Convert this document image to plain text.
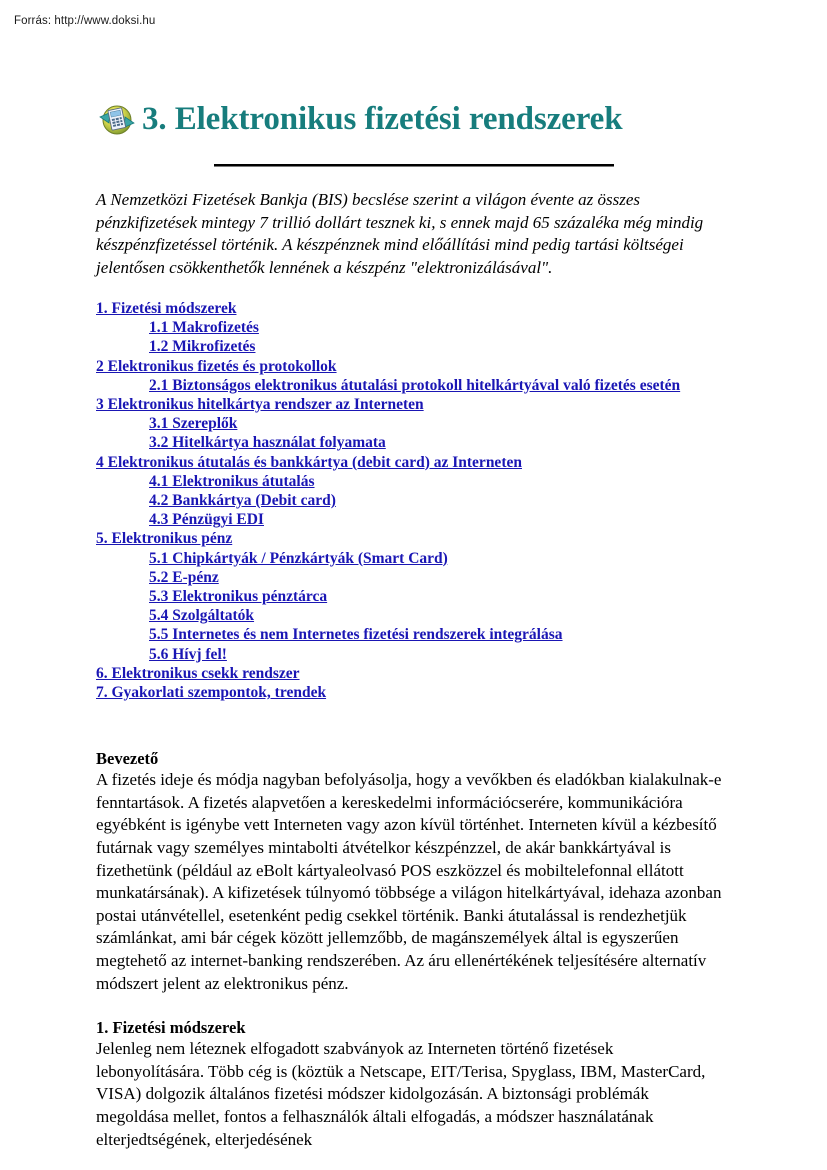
Forrás: http://www.doksi.hu
3. Elektronikus fizetési rendszerek

A Nemzetközi Fizetések Bankja (BIS) becslése szerint a világon évente az összes pénzkifizetések mintegy 7 trillió dollárt tesznek ki, s ennek majd 65 százaléka még mindig készpénzfizetéssel történik. A készpénznek mind előállítási mind pedig tartási költségei jelentősen csökkenthetők lennének a készpénz "elektronizálásával".

1. Fizetési módszerek
1.1 Makrofizetés
1.2 Mikrofizetés
2 Elektronikus fizetés és protokollok
2.1 Biztonságos elektronikus átutalási protokoll hitelkártyával való fizetés esetén
3 Elektronikus hitelkártya rendszer az Interneten
3.1 Szereplők
3.2 Hitelkártya használat folyamata
4 Elektronikus átutalás és bankkártya (debit card) az Interneten
4.1 Elektronikus átutalás
4.2 Bankkártya (Debit card)
4.3 Pénzügyi EDI
5. Elektronikus pénz
5.1 Chipkártyák / Pénzkártyák (Smart Card)
5.2 E-pénz
5.3 Elektronikus pénztárca
5.4 Szolgáltatók
5.5 Internetes és nem Internetes fizetési rendszerek integrálása
5.6 Hívj fel!
6. Elektronikus csekk rendszer
7. Gyakorlati szempontok, trendek

Bevezető

A fizetés ideje és módja nagyban befolyásolja, hogy a vevőkben és eladókban kialakulnak-e fenntartások. A fizetés alapvetően a kereskedelmi információcserére, kommunikációra egyébként is igénybe vett Interneten vagy azon kívül történhet. Interneten kívül a kézbesítő futárnak vagy személyes mintabolti átvételkor készpénzzel, de akár bankkártyával is fizethetünk (például az eBolt kártyaleolvasó POS eszközzel és mobiltelefonnal ellátott munkatársának). A kifizetések túlnyomó többsége a világon hitelkártyával, idehaza azonban postai utánvétellel, esetenként pedig csekkel történik. Banki átutalással is rendezhetjük számlánkat, ami bár cégek között jellemzőbb, de magánszemélyek által is egyszerűen megtehető az internet-banking rendszerében. Az áru ellenértékének teljesítésére alternatív módszert jelent az elektronikus pénz.

1. Fizetési módszerek

Jelenleg nem léteznek elfogadott szabványok az Interneten történő fizetések lebonyolítására. Több cég is (köztük a Netscape, EIT/Terisa, Spyglass, IBM, MasterCard, VISA) dolgozik általános fizetési módszer kidolgozásán. A biztonsági problémák megoldása mellet, fontos a felhasználók általi elfogadás, a módszer használatának elterjedtségének, elterjedésének
